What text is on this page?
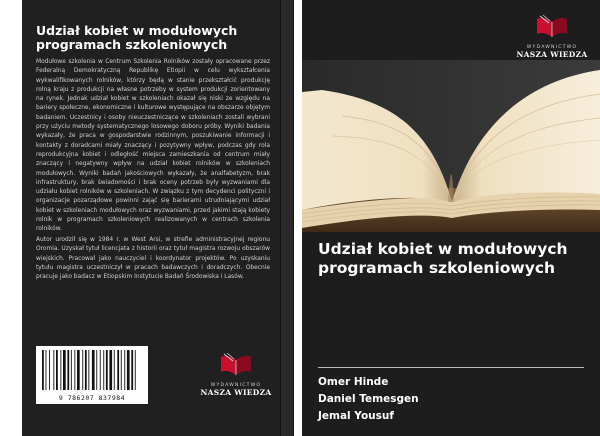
Udział kobiet w modułowych programach szkoleniowych
Modułowe szkolenia w Centrum Szkolenia Rolników zostały opracowane przez Federalną Demokratyczną Republikę Etiopii w celu wykształcenia wykwalifikowanych rolników, którzy będą w stanie przekształcić produkcję rolną kraju z produkcji na własne potrzeby w system produkcji zorientowany na rynek. Jednak udział kobiet w szkoleniach okazał się niski ze względu na bariery społeczne, ekonomiczne i kulturowe występujące na obszarze objętym badaniem. Uczestnicy i osoby nieuczestniczące w szkoleniach zostali wybrani przy użyciu metody systematycznego losowego doboru próby. Wyniki badania wykazały, że praca w gospodarstwie rodzinnym, poszukiwanie informacji i kontakty z doradcami miały znaczący i pozytywny wpływ, podczas gdy rola reprodukcyjna kobiet i odległość miejsca zamieszkania od centrum miały znaczący i negatywny wpływ na udział kobiet rolników w szkoleniach modułowych. Wyniki badań jakościowych wykazały, że analfabetyzm, brak infrastruktury, brak świadomości i brak oceny potrzeb były wyzwaniami dla udziału kobiet rolników w szkoleniach. W związku z tym decydenci polityczni i organizacje pozarządowe powinni zająć się barierami utrudniającymi udział kobiet w szkoleniach modułowych oraz wyzwaniami, przed jakimi stają kobiety rolnik w programach szkoleniowych realizowanych w centrach szkolenia rolników.
Autor urodził się w 1984 r. w West Arsi, w strefie administracyjnej regionu Oromia. Uzyskał tytuł licencjata z historii oraz tytuł magistra rozwoju obszarów wiejskich. Pracował jako nauczyciel i koordynator projektów. Po uzyskaniu tytułu magistra uczestniczył w pracach badawczych i doradczych. Obecnie pracuje jako badacz w Etiopskim Instytucie Badań Środowiska i Lasów.
9 786207 837984
WYDAWNICTWO
NASZA WIEDZA
WYDAWNICTWO
NASZA WIEDZA
Udział kobiet w modułowych programach szkoleniowych
Omer Hinde
Daniel Temesgen
Jemal Yousuf
